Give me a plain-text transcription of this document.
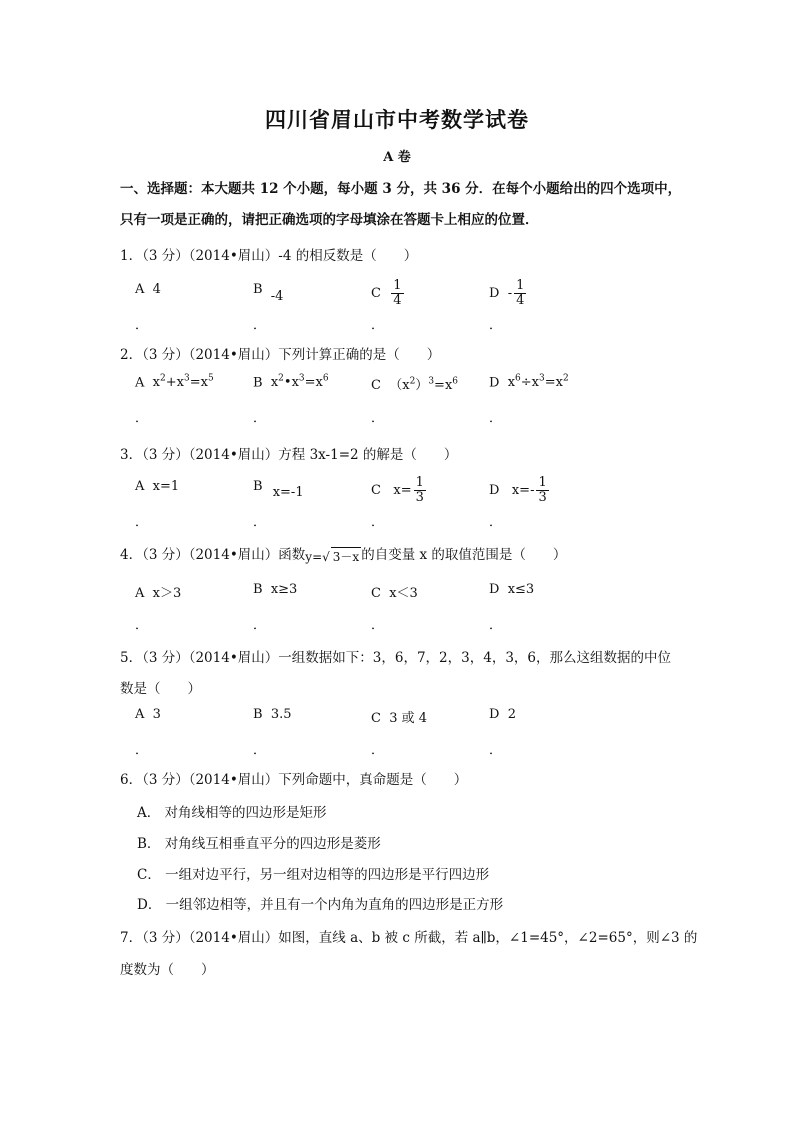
四川省眉山市中考数学试卷
A 卷
一、选择题：本大题共 12 个小题，每小题 3 分，共 36 分．在每个小题给出的四个选项中，
只有一项是正确的，请把正确选项的字母填涂在答题卡上相应的位置．
1．（3 分）（2014•眉山）-4 的相反数是（　　）
A 4	B -4	C $\frac{1}{4}$	D - $\frac{1}{4}$
．	．	．	．
2．（3 分）（2014•眉山）下列计算正确的是（　　）
A $x^2+x^3=x^5$	B $x^2•x^3=x^6$	C $(x^2)^3=x^6$ D $x^6\div x^3=x^2$
．	．	．	．
3．（3 分）（2014•眉山）方程 3x-1=2 的解是（　　）
A x=1	B x=-1	C $x= \frac{1}{3}$	D $x=- \frac{1}{3}$
．	．	．	．
4．（3 分）（2014•眉山）函数y=√ 3－x 的自变量 x 的取值范围是（　　）
A x＞3	B x≥3	C x＜3	D x≤3
．	．	．	．
5．（3 分）（2014•眉山）一组数据如下：3，6，7，2，3，4，3，6，那么这组数据的中位
数是（　　）
A 3	B 3.5	C 3 或 4	D 2
．	．	．	．
6．（3 分）（2014•眉山）下列命题中，真命题是（　　）
A． 对角线相等的四边形是矩形
B． 对角线互相垂直平分的四边形是菱形
C． 一组对边平行，另一组对边相等的四边形是平行四边形
D． 一组邻边相等，并且有一个内角为直角的四边形是正方形
7．（3 分）（2014•眉山）如图，直线 a、b 被 c 所截，若 a∥b，∠1=45°，∠2=65°，则∠3 的
度数为（　　）
